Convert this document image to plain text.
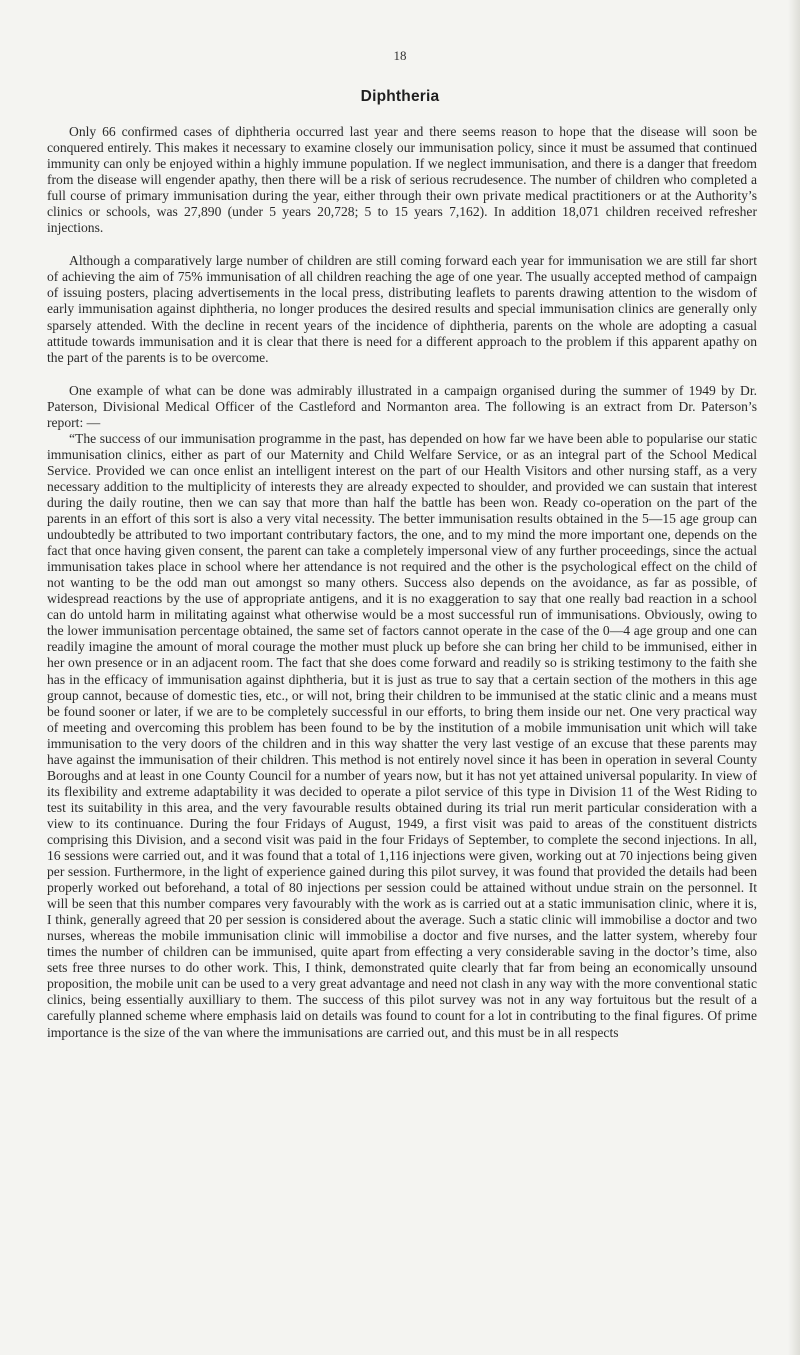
18
Diphtheria

Only 66 confirmed cases of diphtheria occurred last year and there seems reason to hope that the disease will soon be conquered entirely. This makes it necessary to examine closely our immunisation policy, since it must be assumed that continued immunity can only be enjoyed within a highly immune population. If we neglect immunisation, and there is a danger that freedom from the disease will engender apathy, then there will be a risk of serious recrudesence. The number of children who completed a full course of primary immunisation during the year, either through their own private medical practitioners or at the Authority’s clinics or schools, was 27,890 (under 5 years 20,728; 5 to 15 years 7,162). In addition 18,071 children received refresher injections.

Although a comparatively large number of children are still coming forward each year for immunisation we are still far short of achieving the aim of 75% immunisation of all children reaching the age of one year. The usually accepted method of campaign of issuing posters, placing advertisements in the local press, distributing leaflets to parents drawing attention to the wisdom of early immunisation against diphtheria, no longer produces the desired results and special immunisation clinics are generally only sparsely attended. With the decline in recent years of the incidence of diphtheria, parents on the whole are adopting a casual attitude towards immunisation and it is clear that there is need for a different approach to the problem if this apparent apathy on the part of the parents is to be overcome.

One example of what can be done was admirably illustrated in a campaign organised during the summer of 1949 by Dr. Paterson, Divisional Medical Officer of the Castleford and Normanton area. The following is an extract from Dr. Paterson’s report: —

“The success of our immunisation programme in the past, has depended on how far we have been able to popularise our static immunisation clinics, either as part of our Maternity and Child Welfare Service, or as an integral part of the School Medical Service. Provided we can once enlist an intelligent interest on the part of our Health Visitors and other nursing staff, as a very necessary addition to the multiplicity of interests they are already expected to shoulder, and provided we can sustain that interest during the daily routine, then we can say that more than half the battle has been won. Ready co-operation on the part of the parents in an effort of this sort is also a very vital necessity. The better immunisation results obtained in the 5—15 age group can undoubtedly be attributed to two important contributary factors, the one, and to my mind the more important one, depends on the fact that once having given consent, the parent can take a completely impersonal view of any further proceedings, since the actual immunisation takes place in school where her attendance is not required and the other is the psychological effect on the child of not wanting to be the odd man out amongst so many others. Success also depends on the avoidance, as far as possible, of widespread reactions by the use of appropriate antigens, and it is no exaggeration to say that one really bad reaction in a school can do untold harm in militating against what otherwise would be a most successful run of immunisations. Obviously, owing to the lower immunisation percentage obtained, the same set of factors cannot operate in the case of the 0—4 age group and one can readily imagine the amount of moral courage the mother must pluck up before she can bring her child to be immunised, either in her own presence or in an adjacent room. The fact that she does come forward and readily so is striking testimony to the faith she has in the efficacy of immunisation against diphtheria, but it is just as true to say that a certain section of the mothers in this age group cannot, because of domestic ties, etc., or will not, bring their children to be immunised at the static clinic and a means must be found sooner or later, if we are to be completely successful in our efforts, to bring them inside our net. One very practical way of meeting and overcoming this problem has been found to be by the institution of a mobile immunisation unit which will take immunisation to the very doors of the children and in this way shatter the very last vestige of an excuse that these parents may have against the immunisation of their children. This method is not entirely novel since it has been in operation in several County Boroughs and at least in one County Council for a number of years now, but it has not yet attained universal popularity. In view of its flexibility and extreme adaptability it was decided to operate a pilot service of this type in Division 11 of the West Riding to test its suitability in this area, and the very favourable results obtained during its trial run merit particular consideration with a view to its continuance. During the four Fridays of August, 1949, a first visit was paid to areas of the constituent districts comprising this Division, and a second visit was paid in the four Fridays of September, to complete the second injections. In all, 16 sessions were carried out, and it was found that a total of 1,116 injections were given, working out at 70 injections being given per session. Furthermore, in the light of experience gained during this pilot survey, it was found that provided the details had been properly worked out beforehand, a total of 80 injections per session could be attained without undue strain on the personnel. It will be seen that this number compares very favourably with the work as is carried out at a static immunisation clinic, where it is, I think, generally agreed that 20 per session is considered about the average. Such a static clinic will immobilise a doctor and two nurses, whereas the mobile immunisation clinic will immobilise a doctor and five nurses, and the latter system, whereby four times the number of children can be immunised, quite apart from effecting a very considerable saving in the doctor’s time, also sets free three nurses to do other work. This, I think, demonstrated quite clearly that far from being an economically unsound proposition, the mobile unit can be used to a very great advantage and need not clash in any way with the more conventional static clinics, being essentially auxilliary to them. The success of this pilot survey was not in any way fortuitous but the result of a carefully planned scheme where emphasis laid on details was found to count for a lot in contributing to the final figures. Of prime importance is the size of the van where the immunisations are carried out, and this must be in all respects
